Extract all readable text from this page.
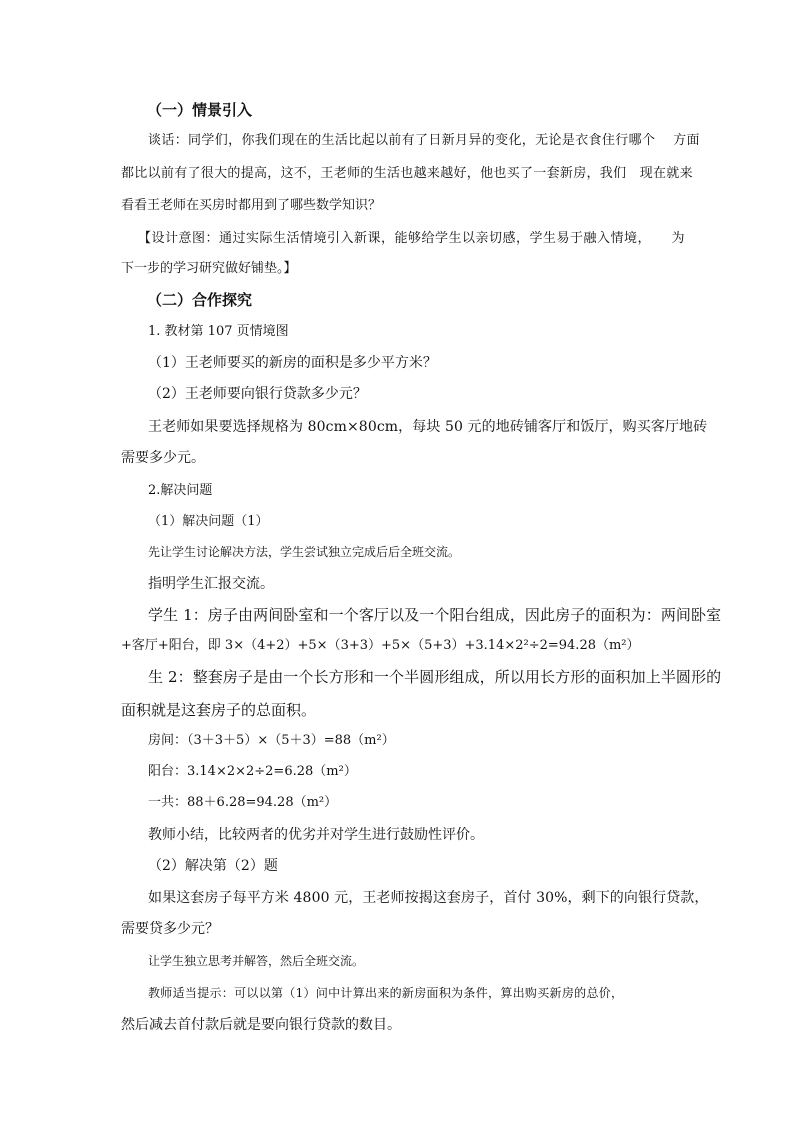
（一）情景引入
谈话：同学们，你我们现在的生活比起以前有了日新月异的变化，无论是衣食住行哪个　 方面
都比以前有了很大的提高，这不，王老师的生活也越来越好，他也买了一套新房，我们　现在就来
看看王老师在买房时都用到了哪些数学知识？
【设计意图：通过实际生活情境引入新课，能够给学生以亲切感，学生易于融入情境，　　为
下一步的学习研究做好铺垫。】
（二）合作探究
1. 教材第 107 页情境图
（1）王老师要买的新房的面积是多少平方米？
（2）王老师要向银行贷款多少元？
王老师如果要选择规格为 80cm×80cm，每块 50 元的地砖铺客厅和饭厅，购买客厅地砖
需要多少元。
2.解决问题
（1）解决问题（1）
先让学生讨论解决方法，学生尝试独立完成后后全班交流。
指明学生汇报交流。
学生 1：房子由两间卧室和一个客厅以及一个阳台组成，因此房子的面积为：两间卧室
+客厅+阳台，即 3×（4+2）+5×（3+3）+5×（5+3）+3.14×2²÷2=94.28（m²）
生 2：整套房子是由一个长方形和一个半圆形组成，所以用长方形的面积加上半圆形的
面积就是这套房子的总面积。
房间：（3＋3＋5）×（5＋3）=88（m²）
阳台：3.14×2×2÷2=6.28（m²）
一共：88＋6.28=94.28（m²）
教师小结，比较两者的优劣并对学生进行鼓励性评价。
（2）解决第（2）题
如果这套房子每平方米 4800 元，王老师按揭这套房子，首付 30%，剩下的向银行贷款，
需要贷多少元？
让学生独立思考并解答，然后全班交流。
教师适当提示：可以以第（1）问中计算出来的新房面积为条件，算出购买新房的总价，
然后减去首付款后就是要向银行贷款的数目。
